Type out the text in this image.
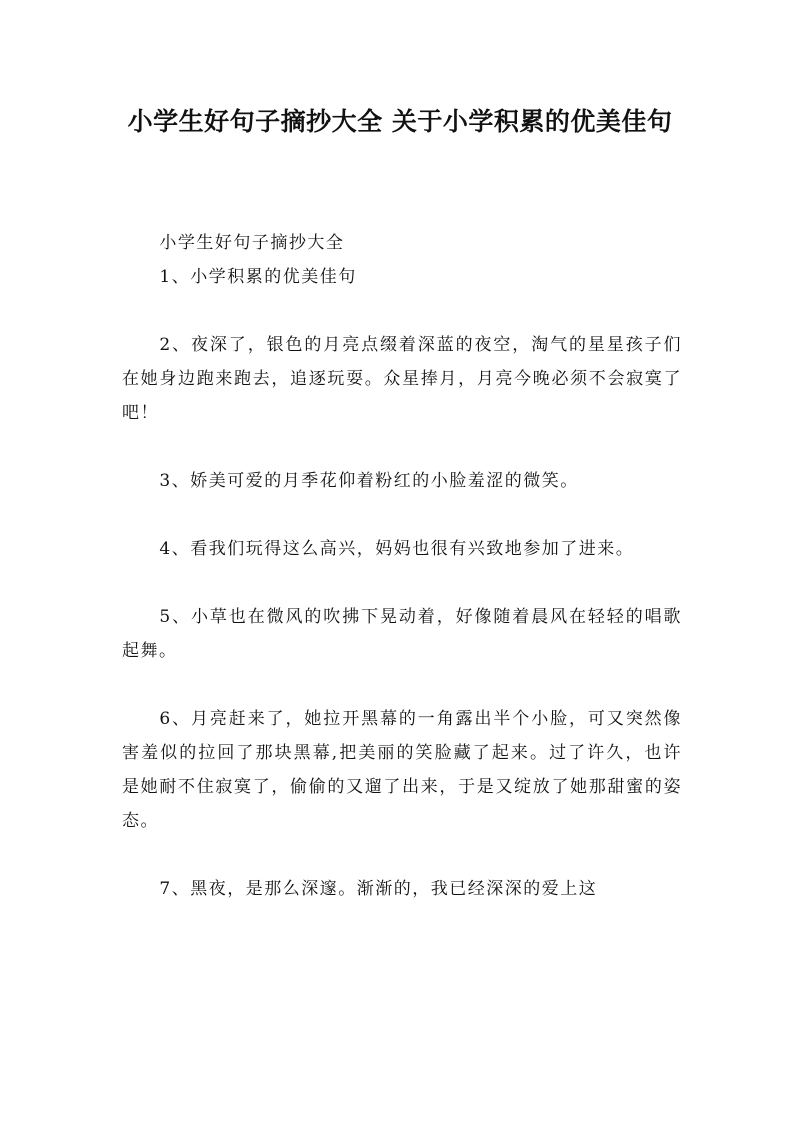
小学生好句子摘抄大全 关于小学积累的优美佳句

小学生好句子摘抄大全

1、小学积累的优美佳句

2、夜深了，银色的月亮点缀着深蓝的夜空，淘气的星星孩子们在她身边跑来跑去，追逐玩耍。众星捧月，月亮今晚必须不会寂寞了吧！

3、娇美可爱的月季花仰着粉红的小脸羞涩的微笑。

4、看我们玩得这么高兴，妈妈也很有兴致地参加了进来。

5、小草也在微风的吹拂下晃动着，好像随着晨风在轻轻的唱歌起舞。

6、月亮赶来了，她拉开黑幕的一角露出半个小脸，可又突然像害羞似的拉回了那块黑幕,把美丽的笑脸藏了起来。过了许久，也许是她耐不住寂寞了，偷偷的又遛了出来，于是又绽放了她那甜蜜的姿态。

7、黑夜，是那么深邃。渐渐的，我已经深深的爱上这
